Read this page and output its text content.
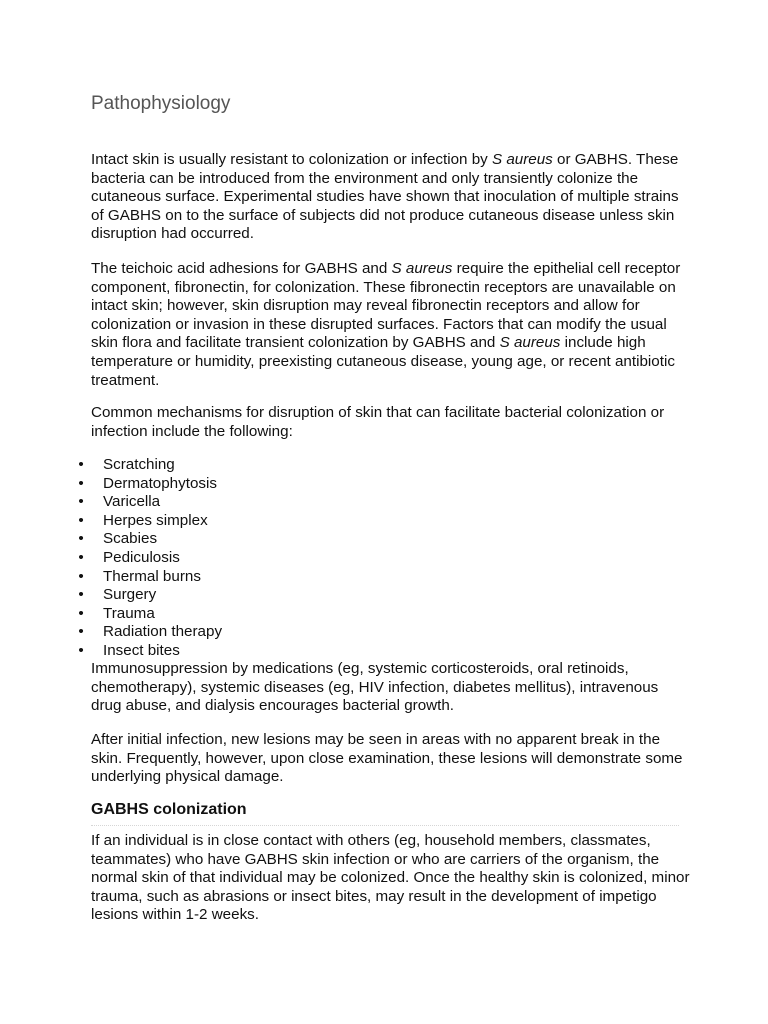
Pathophysiology

Intact skin is usually resistant to colonization or infection by S aureus or GABHS. These bacteria can be introduced from the environment and only transiently colonize the cutaneous surface. Experimental studies have shown that inoculation of multiple strains of GABHS on to the surface of subjects did not produce cutaneous disease unless skin disruption had occurred.

The teichoic acid adhesions for GABHS and S aureus require the epithelial cell receptor component, fibronectin, for colonization. These fibronectin receptors are unavailable on intact skin; however, skin disruption may reveal fibronectin receptors and allow for colonization or invasion in these disrupted surfaces. Factors that can modify the usual skin flora and facilitate transient colonization by GABHS and S aureus include high temperature or humidity, preexisting cutaneous disease, young age, or recent antibiotic treatment.

Common mechanisms for disruption of skin that can facilitate bacterial colonization or infection include the following:

• Scratching
• Dermatophytosis
• Varicella
• Herpes simplex
• Scabies
• Pediculosis
• Thermal burns
• Surgery
• Trauma
• Radiation therapy
• Insect bites

Immunosuppression by medications (eg, systemic corticosteroids, oral retinoids, chemotherapy), systemic diseases (eg, HIV infection, diabetes mellitus), intravenous drug abuse, and dialysis encourages bacterial growth.

After initial infection, new lesions may be seen in areas with no apparent break in the skin. Frequently, however, upon close examination, these lesions will demonstrate some underlying physical damage.

GABHS colonization

If an individual is in close contact with others (eg, household members, classmates, teammates) who have GABHS skin infection or who are carriers of the organism, the normal skin of that individual may be colonized. Once the healthy skin is colonized, minor trauma, such as abrasions or insect bites, may result in the development of impetigo lesions within 1-2 weeks.
